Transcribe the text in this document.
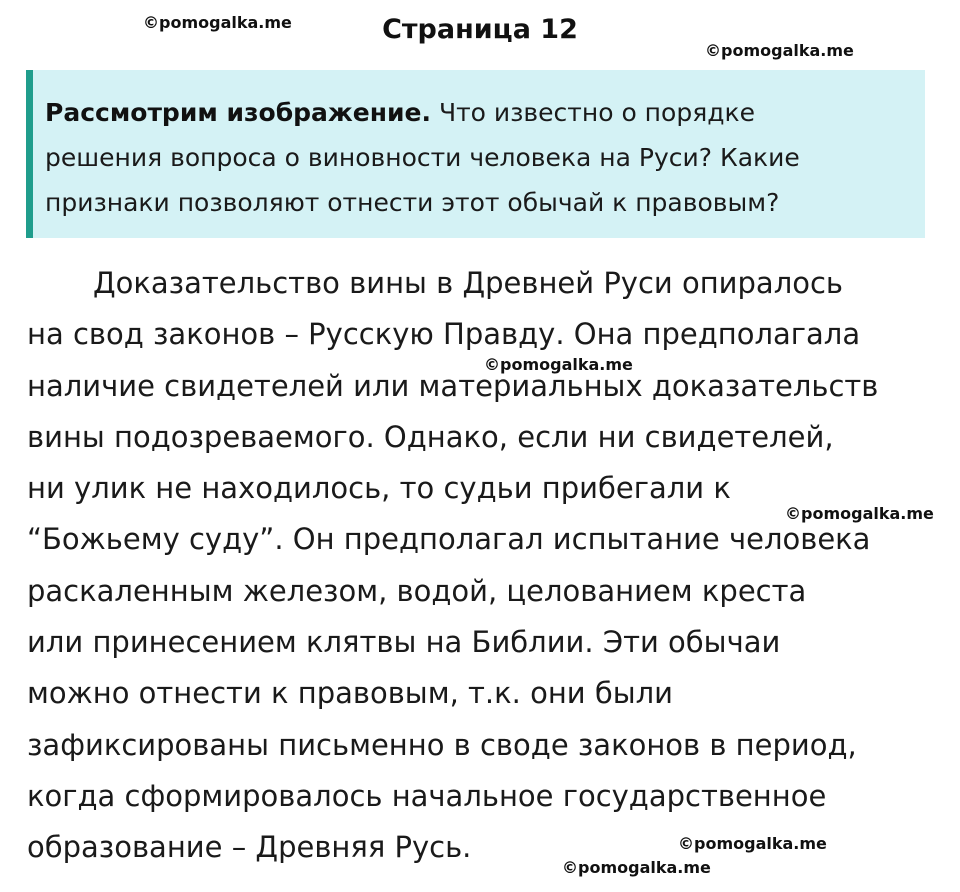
©pomogalka.me	Страница 12
©pomogalka.me

Рассмотрим изображение. Что известно о порядке
решения вопроса о виновности человека на Руси? Какие
признаки позволяют отнести этот обычай к правовым?

Доказательство вины в Древней Руси опиралось
на свод законов – Русскую Правду. Она предполагала
наличие свидетелей или материальных доказательств
вины подозреваемого. Однако, если ни свидетелей,
ни улик не находилось, то судьи прибегали к
“Божьему суду”. Он предполагал испытание человека
раскаленным железом, водой, целованием креста
или принесением клятвы на Библии. Эти обычаи
можно отнести к правовым, т.к. они были
зафиксированы письменно в своде законов в период,
когда сформировалось начальное государственное
образование – Древняя Русь.

©pomogalka.me
©pomogalka.me
©pomogalka.me
©pomogalka.me
